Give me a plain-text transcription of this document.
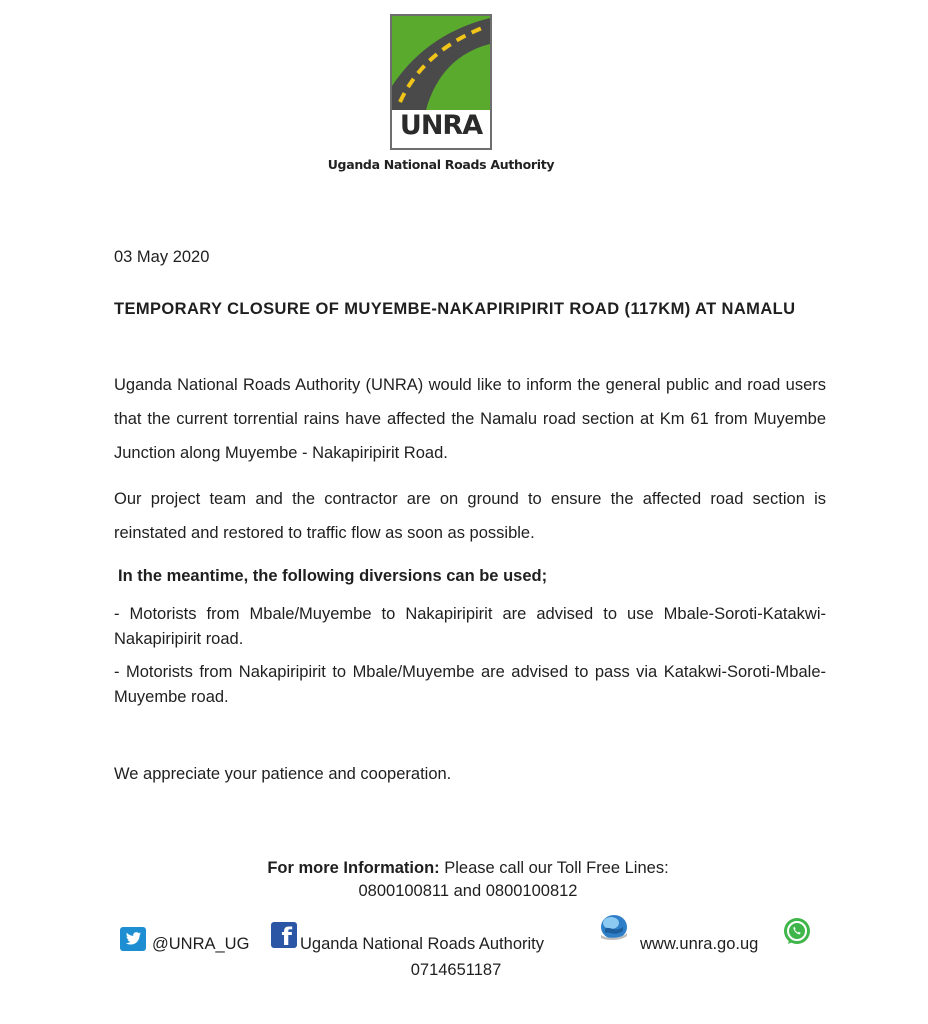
UNRA
Uganda National Roads Authority
03 May 2020
TEMPORARY CLOSURE OF MUYEMBE-NAKAPIRIPIRIT ROAD (117KM) AT NAMALU
Uganda National Roads Authority (UNRA) would like to inform the general public and road users that the current torrential rains have affected the Namalu road section at Km 61 from Muyembe Junction along Muyembe - Nakapiripirit Road.
Our project team and the contractor are on ground to ensure the affected road section is reinstated and restored to traffic flow as soon as possible.
In the meantime, the following diversions can be used;
- Motorists from Mbale/Muyembe to Nakapiripirit are advised to use Mbale-Soroti-Katakwi-Nakapiripirit road.
- Motorists from Nakapiripirit to Mbale/Muyembe are advised to pass via Katakwi-Soroti-Mbale-Muyembe road.
We appreciate your patience and cooperation.
For more Information: Please call our Toll Free Lines:
0800100811 and 0800100812
@UNRA_UG	f Uganda National Roads Authority	www.unra.go.ug
0714651187
